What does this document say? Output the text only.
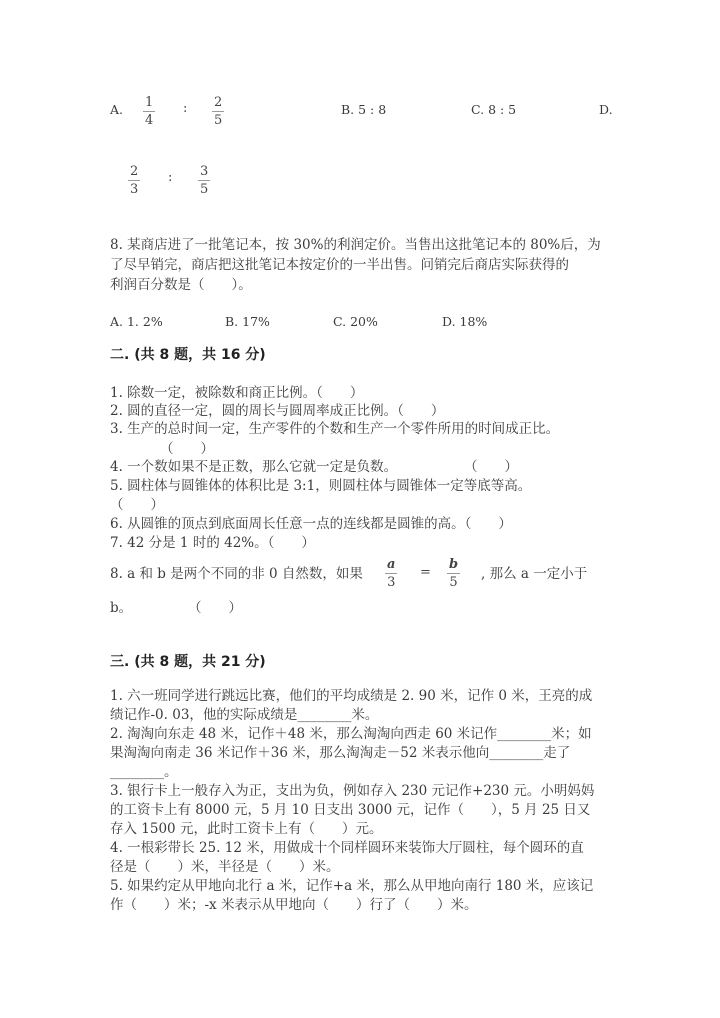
A. $\frac{1}{4}$ : $\frac{2}{5}$	B. 5 : 8	C. 8 : 5	D.
$\frac{2}{3}$ : $\frac{3}{5}$
8. 某商店进了一批笔记本，按 30%的利润定价。当售出这批笔记本的 80%后，为
了尽早销完，商店把这批笔记本按定价的一半出售。问销完后商店实际获得的
利润百分数是（　　）。
A. 1. 2%	B. 17%	C. 20%	D. 18%
二. (共 8 题，共 16 分)
1. 除数一定，被除数和商正比例。（　　）
2. 圆的直径一定，圆的周长与圆周率成正比例。（　　）
3. 生产的总时间一定，生产零件的个数和生产一个零件所用的时间成正比。
（　　）
4. 一个数如果不是正数，那么它就一定是负数。	（　　）
5. 圆柱体与圆锥体的体积比是 3:1，则圆柱体与圆锥体一定等底等高。
（　　）
6. 从圆锥的顶点到底面周长任意一点的连线都是圆锥的高。（　　）
7. 42 分是 1 时的 42%。（　　）
8. a 和 b 是两个不同的非 0 自然数，如果 $\frac{a}{3} = \frac{b}{5}$ , 那么 a 一定小于
b。	（　　）
三. (共 8 题，共 21 分)
1. 六一班同学进行跳远比赛，他们的平均成绩是 2. 90 米，记作 0 米，王亮的成
绩记作-0. 03，他的实际成绩是________米。
2. 淘淘向东走 48 米，记作＋48 米，那么淘淘向西走 60 米记作________米；如
果淘淘向南走 36 米记作＋36 米，那么淘淘走－52 米表示他向________走了
________。
3. 银行卡上一般存入为正，支出为负，例如存入 230 元记作+230 元。小明妈妈
的工资卡上有 8000 元，5 月 10 日支出 3000 元，记作（　　），5 月 25 日又
存入 1500 元，此时工资卡上有（　　）元。
4. 一根彩带长 25. 12 米，用做成十个同样圆环来装饰大厅圆柱，每个圆环的直
径是（　　）米，半径是（　　）米。
5. 如果约定从甲地向北行 a 米，记作+a 米，那么从甲地向南行 180 米，应该记
作（　　）米；-x 米表示从甲地向（　　）行了（　　）米。
